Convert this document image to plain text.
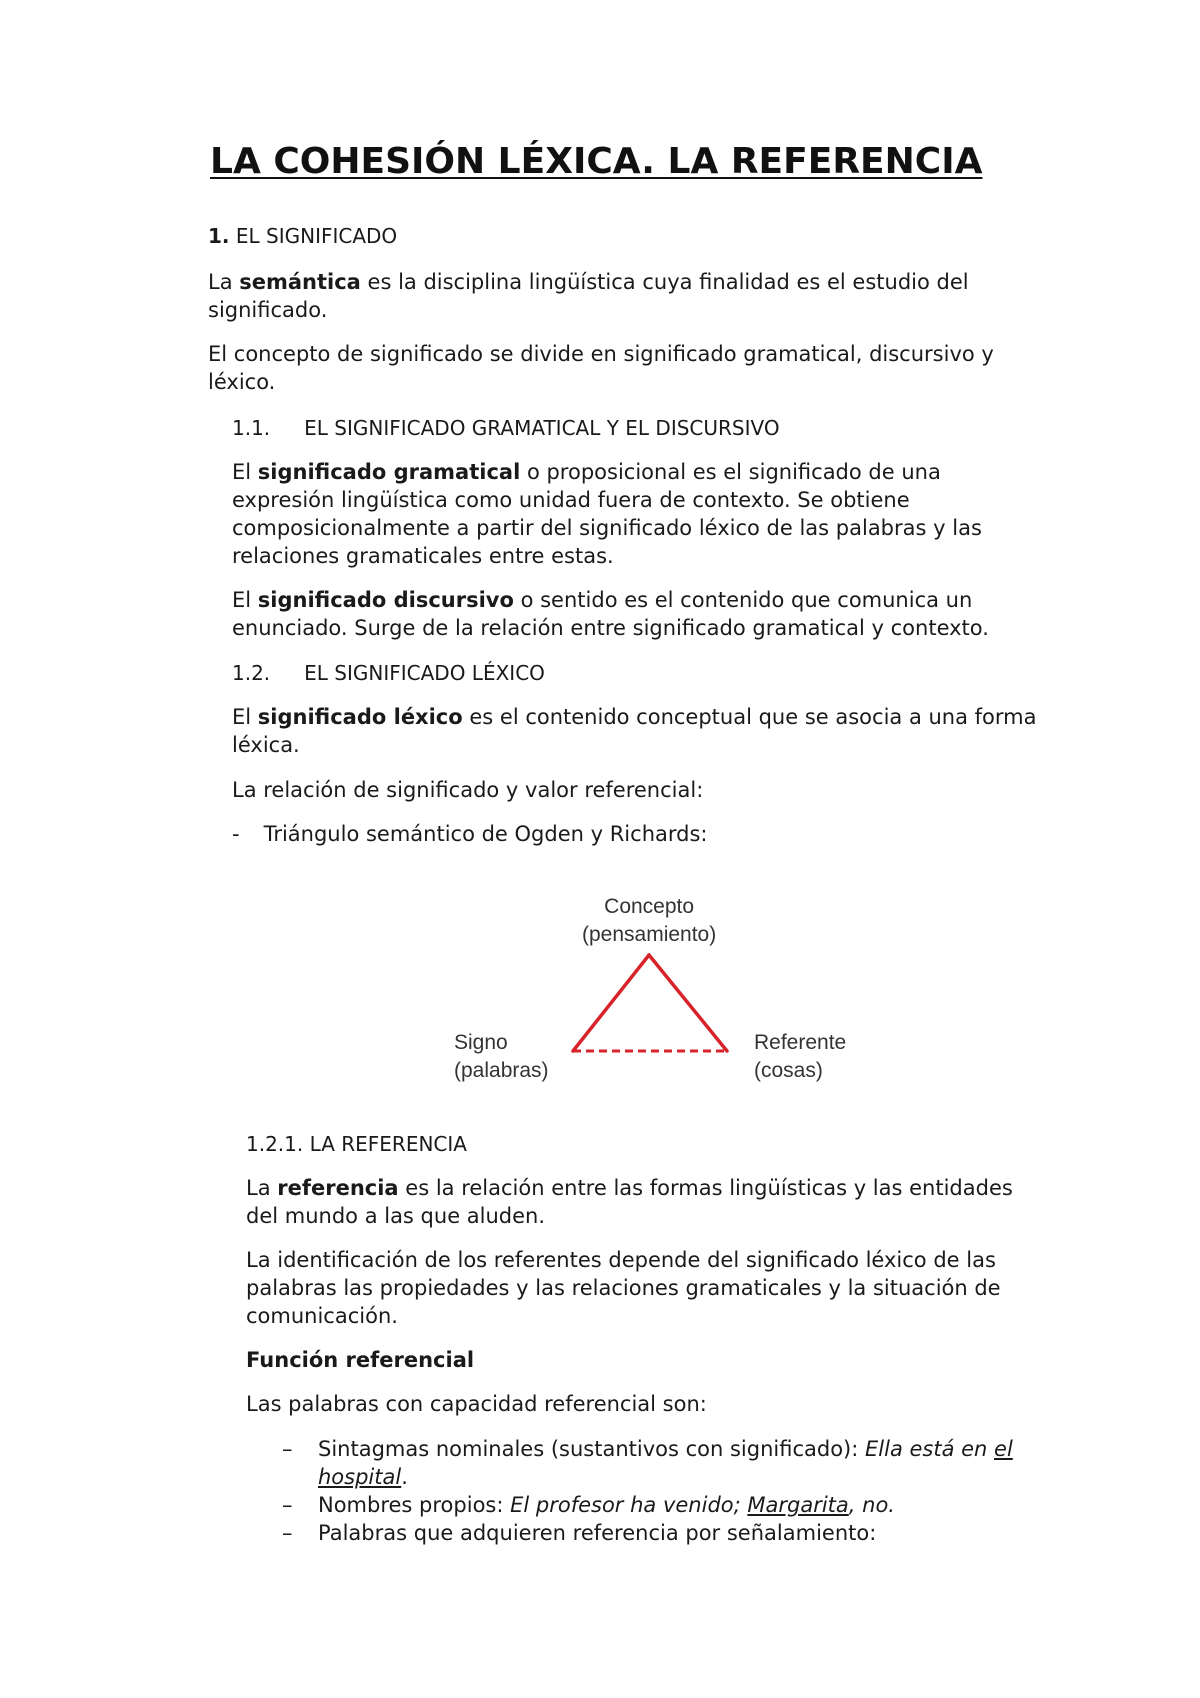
LA COHESIÓN LÉXICA. LA REFERENCIA

1. EL SIGNIFICADO

La semántica es la disciplina lingüística cuya finalidad es el estudio del significado.

El concepto de significado se divide en significado gramatical, discursivo y léxico.

1.1. EL SIGNIFICADO GRAMATICAL Y EL DISCURSIVO

El significado gramatical o proposicional es el significado de una expresión lingüística como unidad fuera de contexto. Se obtiene composicionalmente a partir del significado léxico de las palabras y las relaciones gramaticales entre estas.

El significado discursivo o sentido es el contenido que comunica un enunciado. Surge de la relación entre significado gramatical y contexto.

1.2. EL SIGNIFICADO LÉXICO

El significado léxico es el contenido conceptual que se asocia a una forma léxica.

La relación de significado y valor referencial:

- Triángulo semántico de Ogden y Richards:

Concepto
(pensamiento)
Signo
(palabras)
Referente
(cosas)

1.2.1. LA REFERENCIA

La referencia es la relación entre las formas lingüísticas y las entidades del mundo a las que aluden.

La identificación de los referentes depende del significado léxico de las palabras las propiedades y las relaciones gramaticales y la situación de comunicación.

Función referencial

Las palabras con capacidad referencial son:

– Sintagmas nominales (sustantivos con significado): Ella está en el hospital.
– Nombres propios: El profesor ha venido; Margarita, no.
– Palabras que adquieren referencia por señalamiento:
